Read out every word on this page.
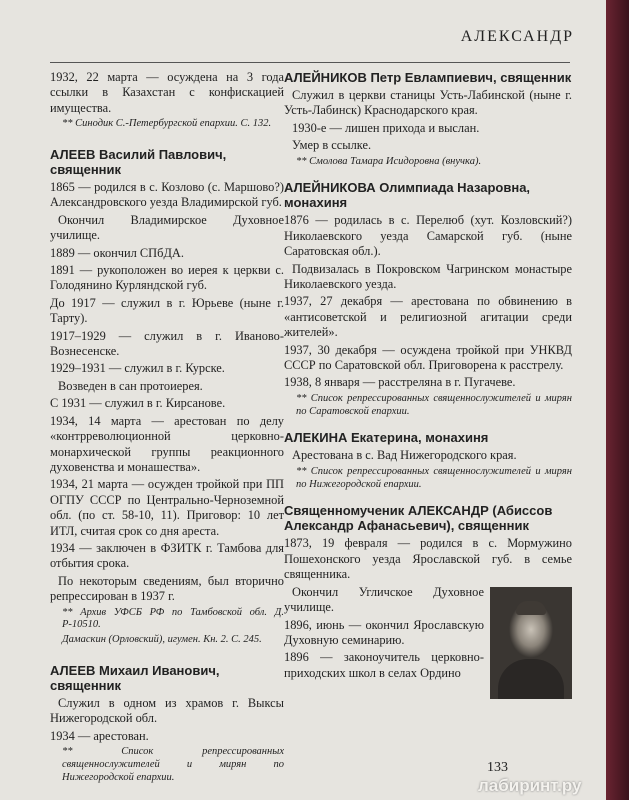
АЛЕКСАНДР

1932, 22 марта — осуждена на 3 года ссылки в Казахстан с конфискацией имущества.

** Синодик С.-Петербургской епархии. С. 132.
АЛЕЕВ Василий Павлович, священник

1865 — родился в с. Козлово (с. Маршово?) Александровского уезда Владимирской губ.

Окончил Владимирское Духовное училище.

1889 — окончил СПбДА.

1891 — рукоположен во иерея к церкви с. Голодянино Курляндской губ.

До 1917 — служил в г. Юрьеве (ныне г. Тарту).

1917–1929 — служил в г. Иваново-Вознесенске.

1929–1931 — служил в г. Курске.

Возведен в сан протоиерея.

С 1931 — служил в г. Кирсанове.

1934, 14 марта — арестован по делу «контрреволюционной церковно-монархической группы реакционного духовенства и монашества».

1934, 21 марта — осужден тройкой при ПП ОГПУ СССР по Центрально-Черноземной обл. (по ст. 58-10, 11). Приговор: 10 лет ИТЛ, считая срок со дня ареста.

1934 — заключен в ФЗИТК г. Тамбова для отбытия срока.

По некоторым сведениям, был вторично репрессирован в 1937 г.

** Архив УФСБ РФ по Тамбовской обл. Д. Р-10510.
Дамаскин (Орловский), игумен. Кн. 2. С. 245.
АЛЕЕВ Михаил Иванович, священник

Служил в одном из храмов г. Выксы Нижегородской обл.

1934 — арестован.

** Список репрессированных священнослужителей и мирян по Нижегородской епархии.
АЛЕЙНИКОВ Петр Евлампиевич, священник

Служил в церкви станицы Усть-Лабинской (ныне г. Усть-Лабинск) Краснодарского края.

1930-е — лишен прихода и выслан.

Умер в ссылке.

** Смолова Тамара Исидоровна (внучка).
АЛЕЙНИКОВА Олимпиада Назаровна, монахиня

1876 — родилась в с. Перелюб (хут. Козловский?) Николаевского уезда Самарской губ. (ныне Саратовская обл.).

Подвизалась в Покровском Чагринском монастыре Николаевского уезда.

1937, 27 декабря — арестована по обвинению в «антисоветской и религиозной агитации среди жителей».

1937, 30 декабря — осуждена тройкой при УНКВД СССР по Саратовской обл. Приговорена к расстрелу.

1938, 8 января — расстреляна в г. Пугачеве.

** Список репрессированных священнослужителей и мирян по Саратовской епархии.
АЛЕКИНА Екатерина, монахиня

Арестована в с. Вад Нижегородского края.

** Список репрессированных священнослужителей и мирян по Нижегородской епархии.
Священномученик АЛЕКСАНДР (Абиссов Александр Афанасьевич), священник

1873, 19 февраля — родился в с. Мормужино Пошехонского уезда Ярославской губ. в семье священника.

Окончил Угличское Духовное училище.

1896, июнь — окончил Ярославскую Духовную семинарию.

1896 — законоучитель церковно-приходских школ в селах Ордино

133
лабиринт.ру
